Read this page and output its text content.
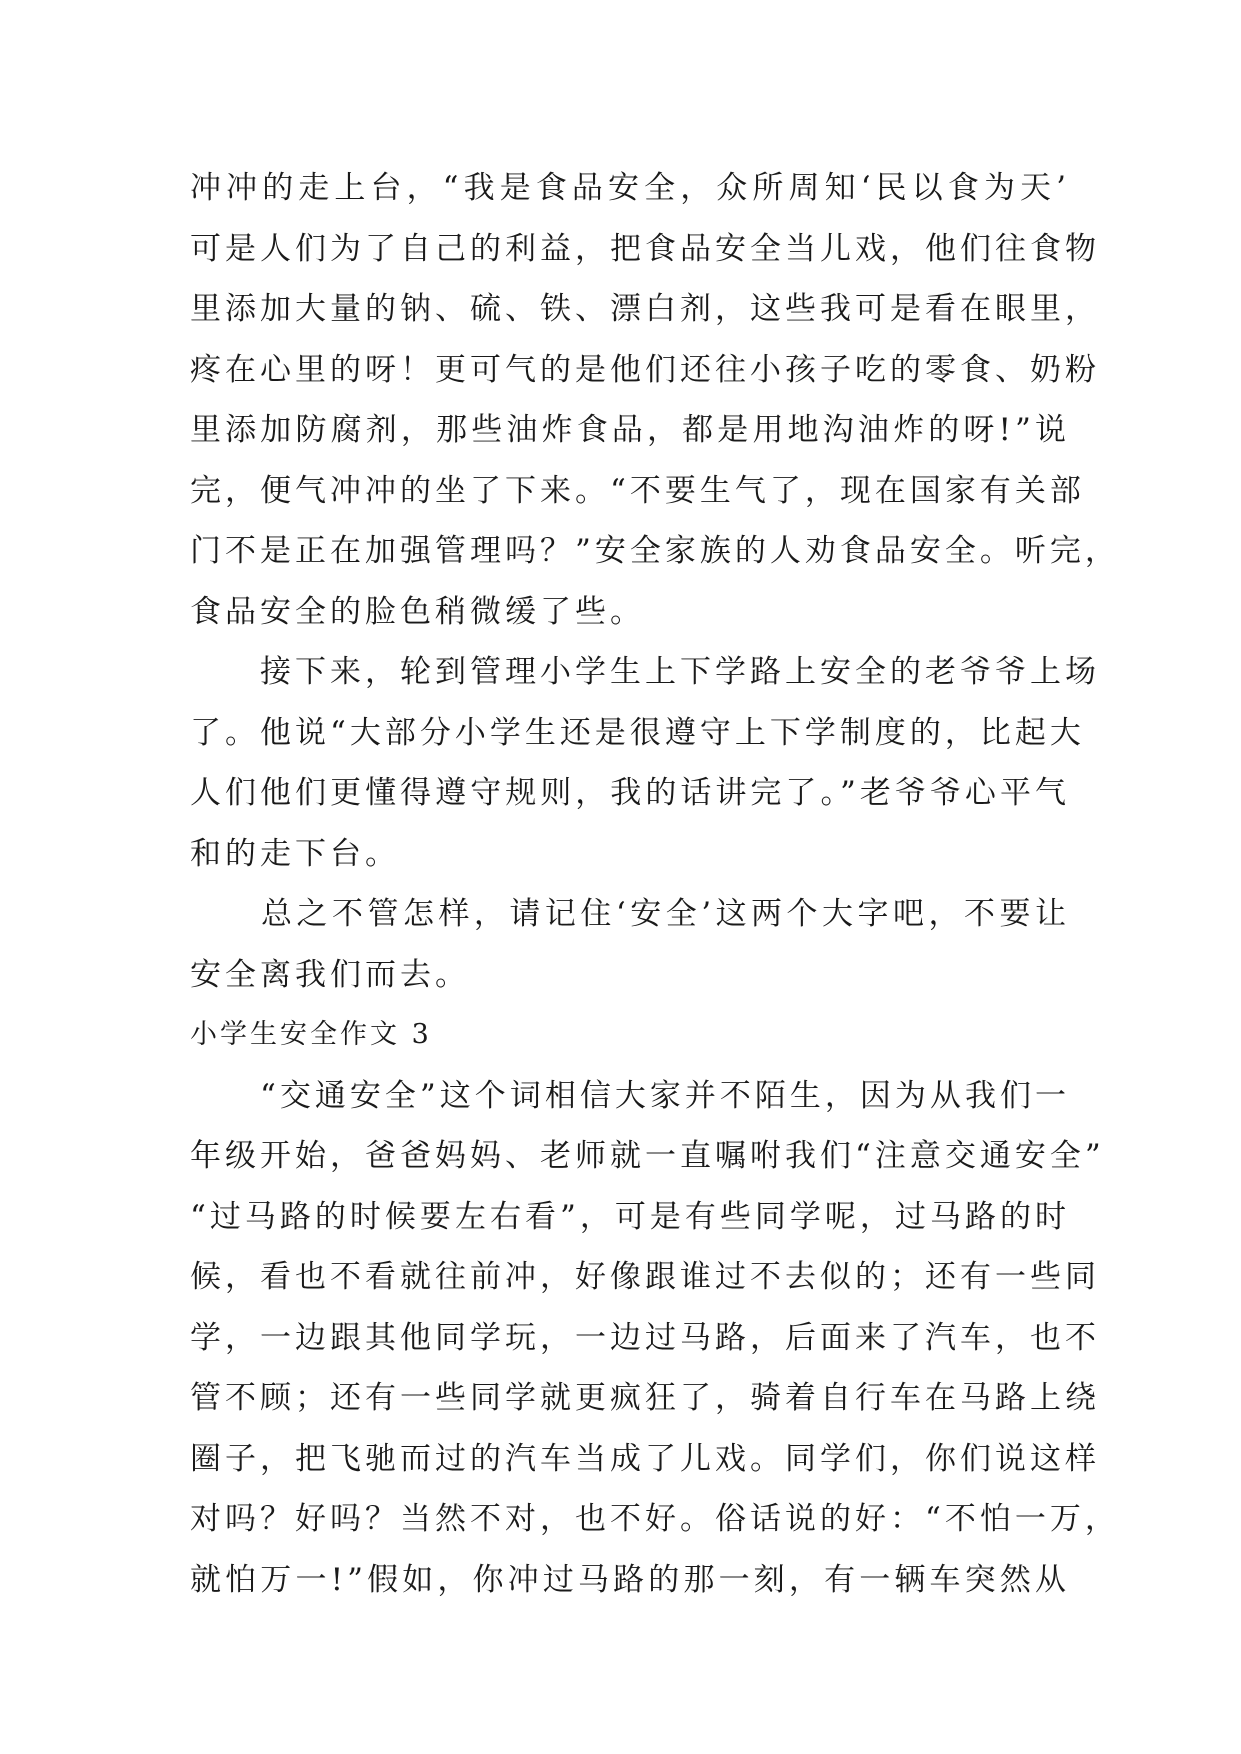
冲冲的走上台，“我是食品安全，众所周知‘民以食为天’
可是人们为了自己的利益，把食品安全当儿戏，他们往食物
里添加大量的钠、硫、铁、漂白剂，这些我可是看在眼里，
疼在心里的呀！更可气的是他们还往小孩子吃的零食、奶粉
里添加防腐剂，那些油炸食品，都是用地沟油炸的呀!”说
完，便气冲冲的坐了下来。“不要生气了，现在国家有关部
门不是正在加强管理吗？”安全家族的人劝食品安全。听完，
食品安全的脸色稍微缓了些。
　　接下来，轮到管理小学生上下学路上安全的老爷爷上场
了。他说“大部分小学生还是很遵守上下学制度的，比起大
人们他们更懂得遵守规则，我的话讲完了。”老爷爷心平气
和的走下台。
　　总之不管怎样，请记住‘安全’这两个大字吧，不要让
安全离我们而去。
小学生安全作文 3
　　“交通安全”这个词相信大家并不陌生，因为从我们一
年级开始，爸爸妈妈、老师就一直嘱咐我们“注意交通安全”
“过马路的时候要左右看”，可是有些同学呢，过马路的时
候，看也不看就往前冲，好像跟谁过不去似的；还有一些同
学，一边跟其他同学玩，一边过马路，后面来了汽车，也不
管不顾；还有一些同学就更疯狂了，骑着自行车在马路上绕
圈子，把飞驰而过的汽车当成了儿戏。同学们，你们说这样
对吗？好吗？当然不对，也不好。俗话说的好：“不怕一万，
就怕万一!”假如，你冲过马路的那一刻，有一辆车突然从
